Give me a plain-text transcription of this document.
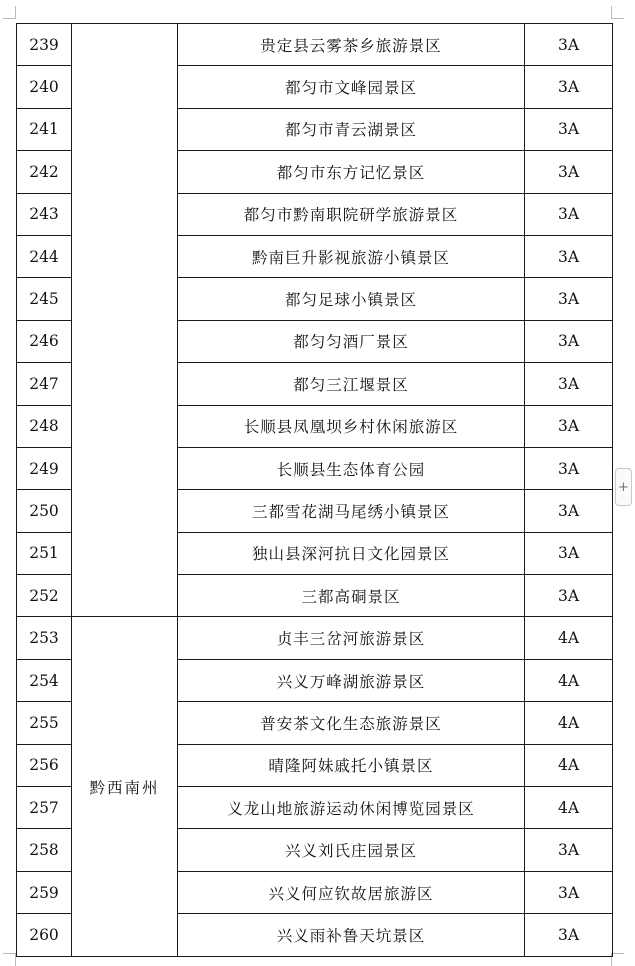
239		贵定县云雾茶乡旅游景区	3A
240		都匀市文峰园景区	3A
241		都匀市青云湖景区	3A
242		都匀市东方记忆景区	3A
243		都匀市黔南职院研学旅游景区	3A
244		黔南巨升影视旅游小镇景区	3A
245		都匀足球小镇景区	3A
246		都匀匀酒厂景区	3A
247		都匀三江堰景区	3A
248		长顺县凤凰坝乡村休闲旅游区	3A
249		长顺县生态体育公园	3A
250		三都雪花湖马尾绣小镇景区	3A
251		独山县深河抗日文化园景区	3A
252		三都高硐景区	3A
253	黔西南州	贞丰三岔河旅游景区	4A
254		兴义万峰湖旅游景区	4A
255		普安茶文化生态旅游景区	4A
256		晴隆阿妹戚托小镇景区	4A
257		义龙山地旅游运动休闲博览园景区	4A
258		兴义刘氏庄园景区	3A
259		兴义何应钦故居旅游区	3A
260		兴义雨补鲁天坑景区	3A
+
